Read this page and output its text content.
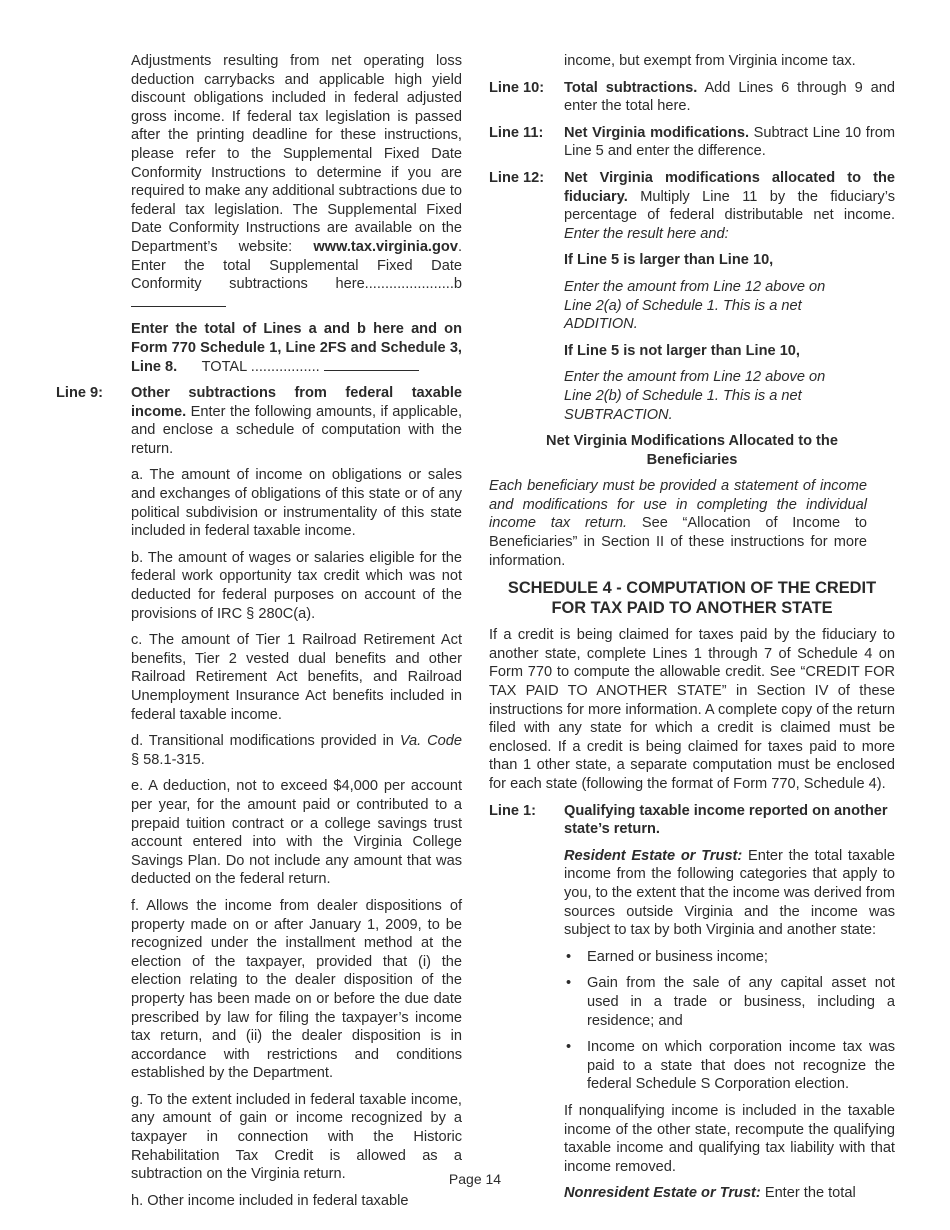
Adjustments resulting from net operating loss deduction carrybacks and applicable high yield discount obligations included in federal adjusted gross income. If federal tax legislation is passed after the printing deadline for these instructions, please refer to the Supplemental Fixed Date Conformity Instructions to determine if you are required to make any additional subtractions due to federal tax legislation. The Supplemental Fixed Date Conformity Instructions are available on the Department’s website: www.tax.virginia.gov. Enter the total Supplemental Fixed Date Conformity subtractions here......................b

Enter the total of Lines a and b here and on Form 770 Schedule 1, Line 2FS and Schedule 3, Line 8. TOTAL .................

Line 9:	Other subtractions from federal taxable income. Enter the following amounts, if applicable, and enclose a schedule of computation with the return.

a. The amount of income on obligations or sales and exchanges of obligations of this state or of any political subdivision or instrumentality of this state included in federal taxable income.

b. The amount of wages or salaries eligible for the federal work opportunity tax credit which was not deducted for federal purposes on account of the provisions of IRC § 280C(a).

c. The amount of Tier 1 Railroad Retirement Act benefits, Tier 2 vested dual benefits and other Railroad Retirement Act benefits, and Railroad Unemployment Insurance Act benefits included in federal taxable income.

d. Transitional modifications provided in Va. Code § 58.1-315.

e. A deduction, not to exceed $4,000 per account per year, for the amount paid or contributed to a prepaid tuition contract or a college savings trust account entered into with the Virginia College Savings Plan. Do not include any amount that was deducted on the federal return.

f. Allows the income from dealer dispositions of property made on or after January 1, 2009, to be recognized under the installment method at the election of the taxpayer, provided that (i) the election relating to the dealer disposition of the property has been made on or before the due date prescribed by law for filing the taxpayer’s income tax return, and (ii) the dealer disposition is in accordance with restrictions and conditions established by the Department.

g. To the extent included in federal taxable income, any amount of gain or income recognized by a taxpayer in connection with the Historic Rehabilitation Tax Credit is allowed as a subtraction on the Virginia return.

h. Other income included in federal taxable

income, but exempt from Virginia income tax.

Line 10:	Total subtractions. Add Lines 6 through 9 and enter the total here.
Line 11:	Net Virginia modifications. Subtract Line 10 from Line 5 and enter the difference.
Line 12:	Net Virginia modifications allocated to the fiduciary. Multiply Line 11 by the fiduciary’s percentage of federal distributable net income. Enter the result here and:
If Line 5 is larger than Line 10,
Enter the amount from Line 12 above on Line 2(a) of Schedule 1. This is a net ADDITION.
If Line 5 is not larger than Line 10,
Enter the amount from Line 12 above on Line 2(b) of Schedule 1. This is a net SUBTRACTION.
Net Virginia Modifications Allocated to the Beneficiaries

Each beneficiary must be provided a statement of income and modifications for use in completing the individual income tax return. See “Allocation of Income to Beneficiaries” in Section II of these instructions for more information.

SCHEDULE 4 - COMPUTATION OF THE CREDIT FOR TAX PAID TO ANOTHER STATE

If a credit is being claimed for taxes paid by the fiduciary to another state, complete Lines 1 through 7 of Schedule 4 on Form 770 to compute the allowable credit. See “CREDIT FOR TAX PAID TO ANOTHER STATE” in Section IV of these instructions for more information. A complete copy of the return filed with any state for which a credit is claimed must be enclosed. If a credit is being claimed for taxes paid to more than 1 other state, a separate computation must be enclosed for each state (following the format of Form 770, Schedule 4).

Line 1:	Qualifying taxable income reported on another state’s return.

Resident Estate or Trust: Enter the total taxable income from the following categories that apply to you, to the extent that the income was derived from sources outside Virginia and the income was subject to tax by both Virginia and another state:

• Earned or business income;
• Gain from the sale of any capital asset not used in a trade or business, including a residence; and
• Income on which corporation income tax was paid to a state that does not recognize the federal Schedule S Corporation election.

If nonqualifying income is included in the taxable income of the other state, recompute the qualifying taxable income and qualifying tax liability with that income removed.

Nonresident Estate or Trust: Enter the total

Page 14
